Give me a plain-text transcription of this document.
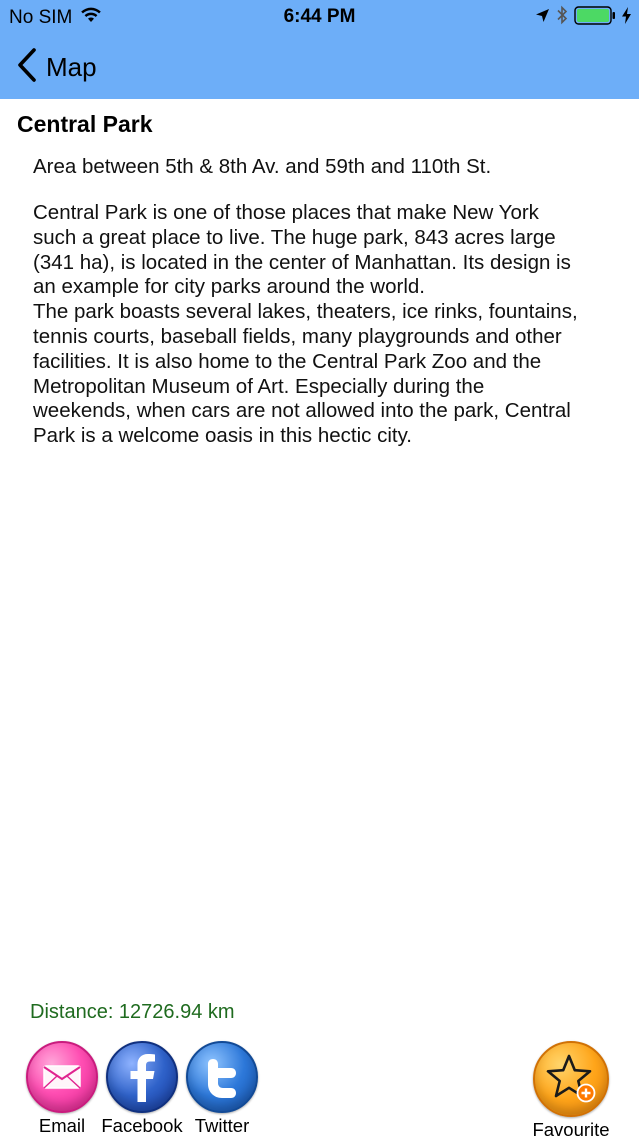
No SIM	6:44 PM
Map
Central Park
Area between 5th & 8th Av. and 59th and 110th St.

Central Park is one of those places that make New York

such a great place to live. The huge park, 843 acres large

(341 ha), is located in the center of Manhattan. Its design is

an example for city parks around the world.

The park boasts several lakes, theaters, ice rinks, fountains,

tennis courts, baseball fields, many playgrounds and other

facilities. It is also home to the Central Park Zoo and the

Metropolitan Museum of Art. Especially during the

weekends, when cars are not allowed into the park, Central

Park is a welcome oasis in this hectic city.

Distance: 12726.94 km
Email Facebook Twitter	Favourite
